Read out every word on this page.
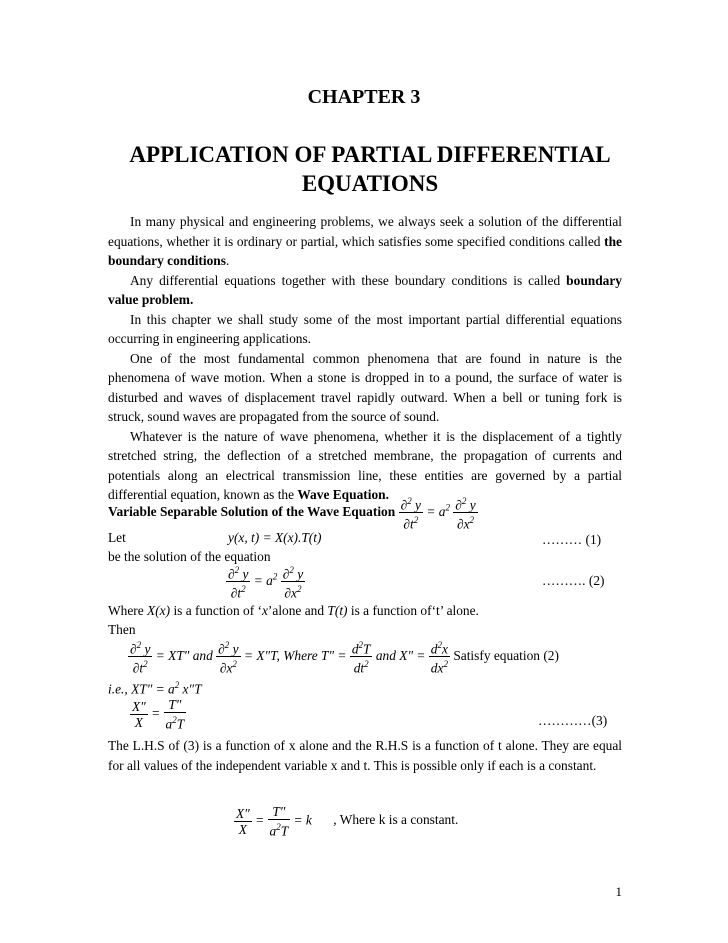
CHAPTER 3
APPLICATION OF PARTIAL DIFFERENTIAL EQUATIONS

In many physical and engineering problems, we always seek a solution of the differential equations, whether it is ordinary or partial, which satisfies some specified conditions called the boundary conditions.

Any differential equations together with these boundary conditions is called boundary value problem.

In this chapter we shall study some of the most important partial differential equations occurring in engineering applications.

One of the most fundamental common phenomena that are found in nature is the phenomena of wave motion. When a stone is dropped in to a pound, the surface of water is disturbed and waves of displacement travel rapidly outward. When a bell or tuning fork is struck, sound waves are propagated from the source of sound.

Whatever is the nature of wave phenomena, whether it is the displacement of a tightly stretched string, the deflection of a stretched membrane, the propagation of currents and potentials along an electrical transmission line, these entities are governed by a partial differential equation, known as the Wave Equation.

Variable Separable Solution of the Wave Equation $\frac{\partial^2 y}{\partial t^2} = a^2 \frac{\partial^2 y}{\partial x^2}$
Let	y(x, t) = X(x).T(t)	……… (1)
be the solution of the equation
$\frac{\partial^2 y}{\partial t^2} = a^2 \frac{\partial^2 y}{\partial x^2}$	………. (2)
Where X(x) is a function of ‘x’alone and T(t) is a function of‘t’ alone.
Then
$\frac{\partial^2 y}{\partial t^2} = XT''$ and $\frac{\partial^2 y}{\partial x^2} = X''T$, Where $T'' = \frac{d^2T}{dt^2}$ and $X'' = \frac{d^2x}{dx^2}$ Satisfy equation (2)
i.e., $XT'' = a^2$ x″T
$\frac{X''}{X} = \frac{T''}{a^2T}$	…………(3)

The L.H.S of (3) is a function of x alone and the R.H.S is a function of t alone. They are equal for all values of the independent variable x and t. This is possible only if each is a constant.

$\frac{X''}{X} = \frac{T''}{a^2T} = k$ , Where k is a constant.
1
